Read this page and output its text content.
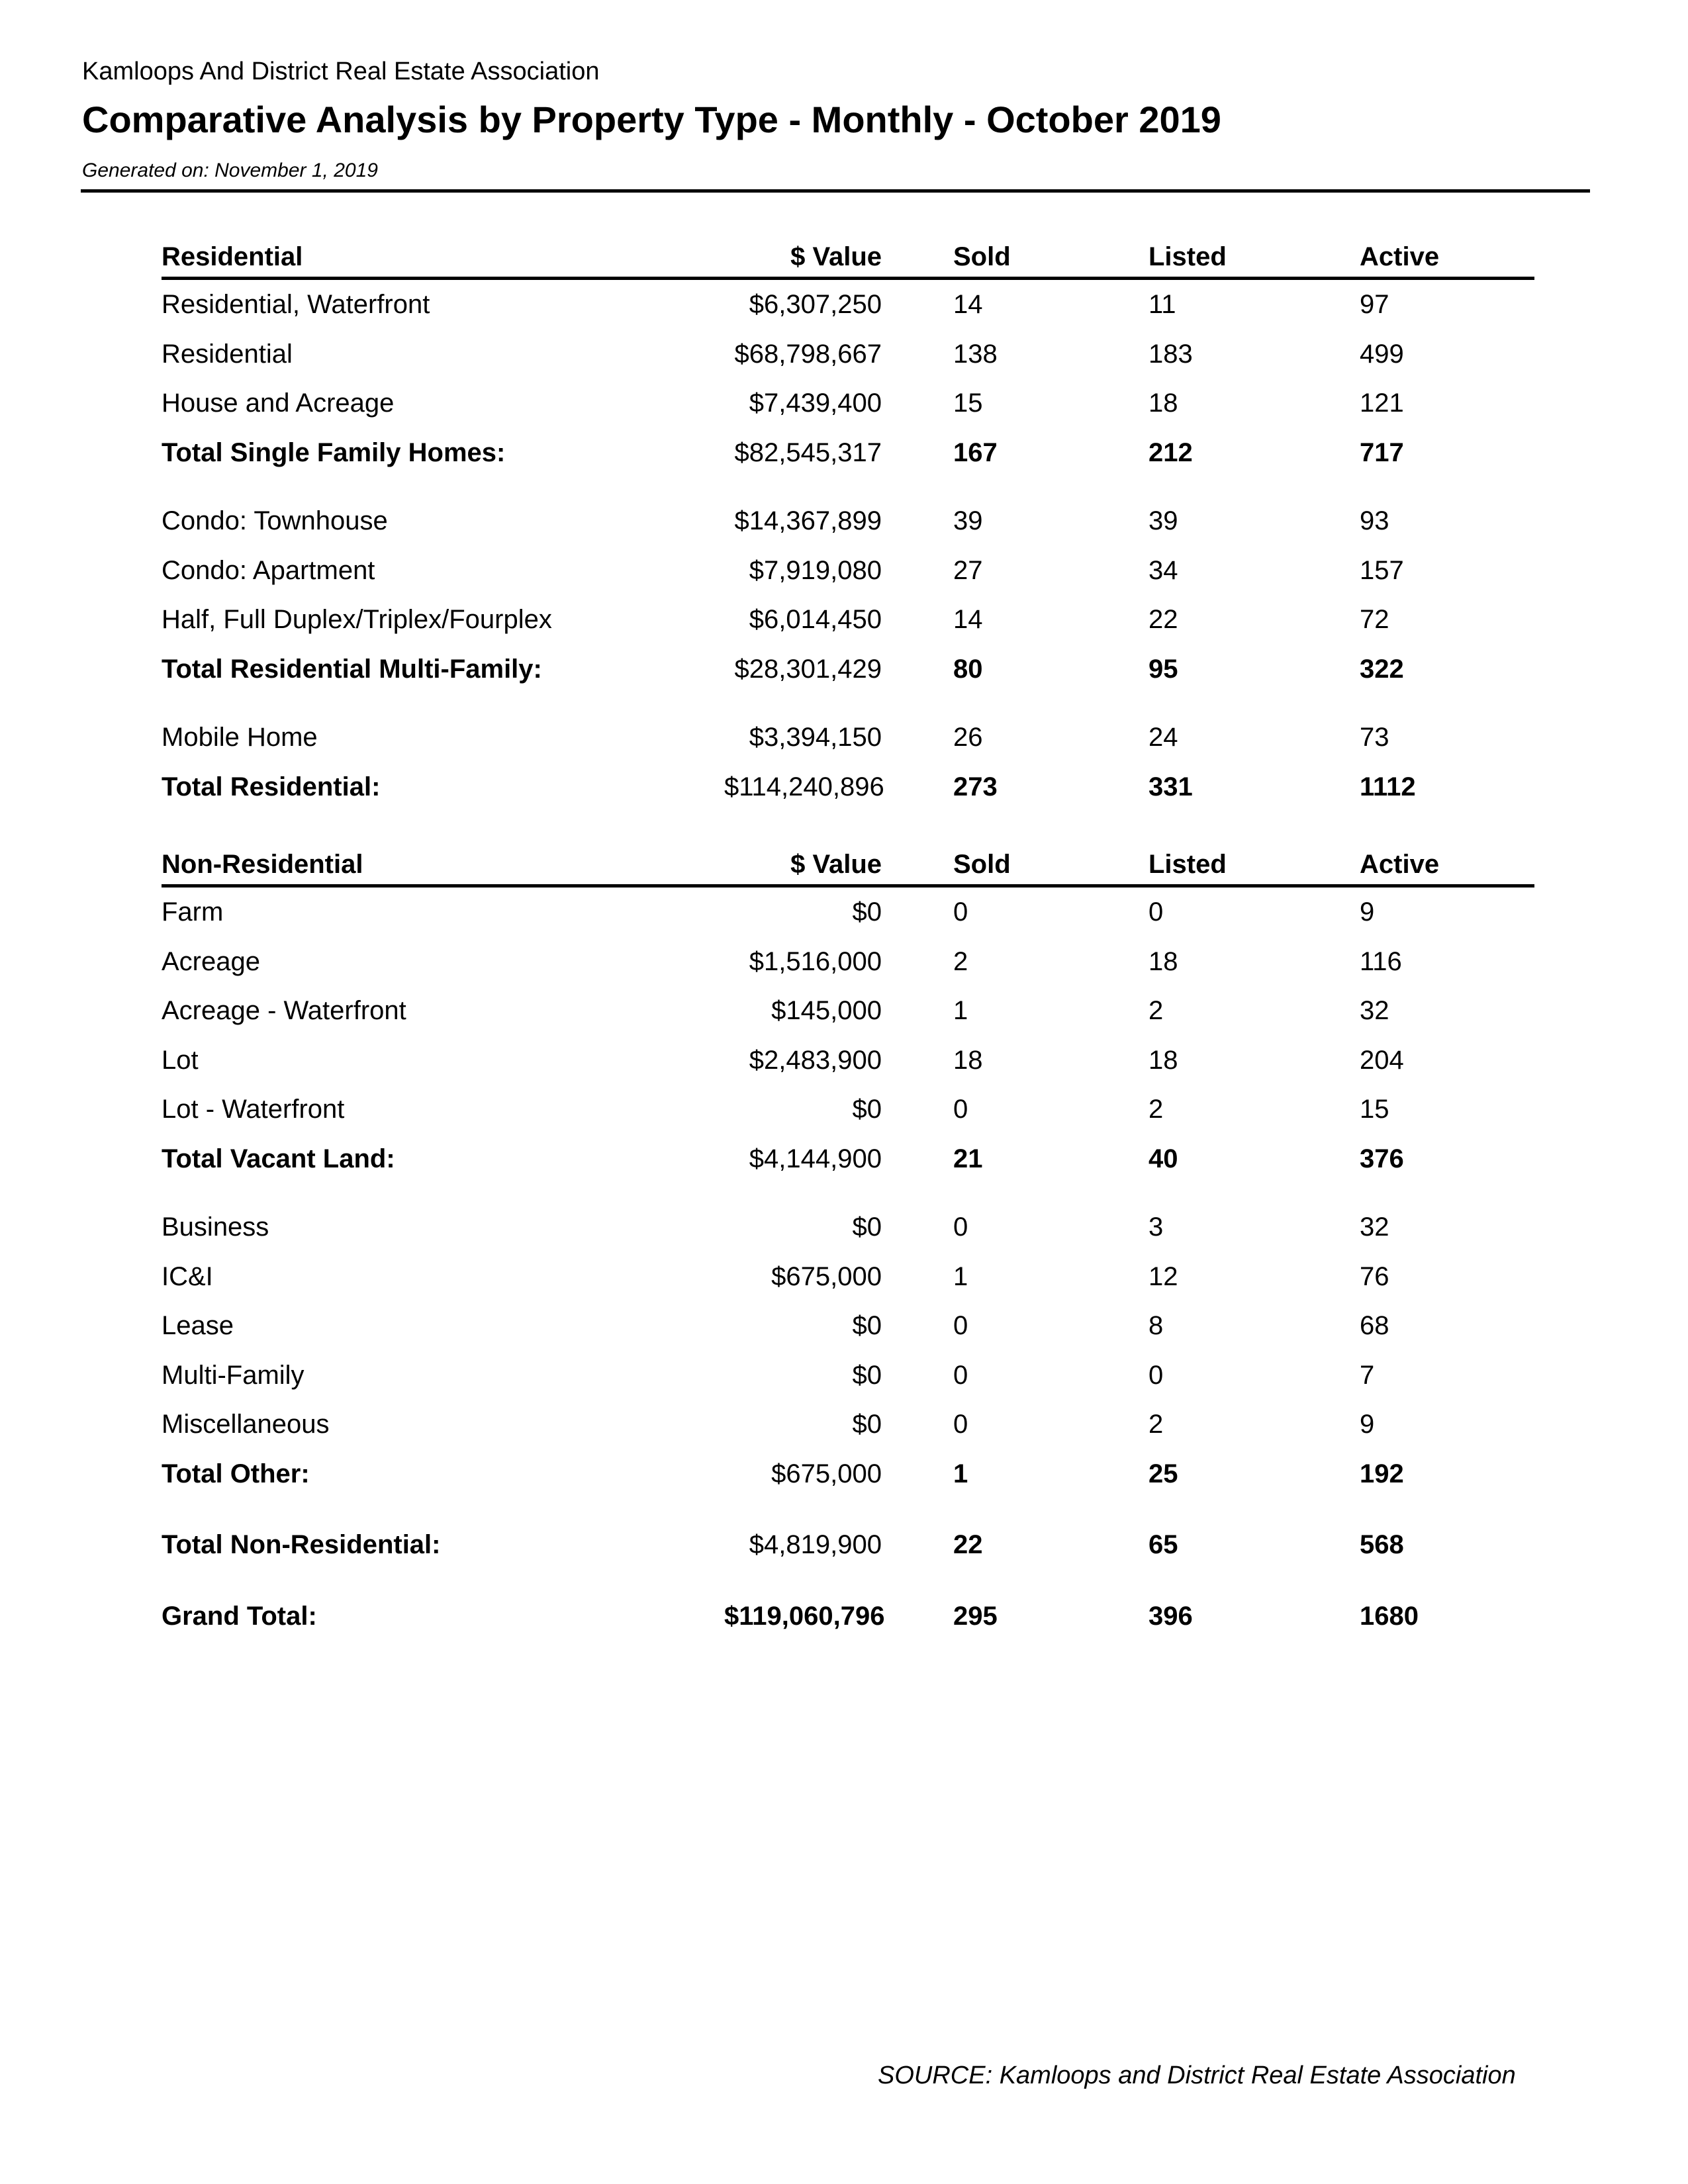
Kamloops And District Real Estate Association
Comparative Analysis by Property Type - Monthly - October 2019
Generated on: November 1, 2019
Residential	$ Value		Sold	Listed	Active
Residential, Waterfront	$6,307,250		14	11	97
Residential	$68,798,667		138	183	499
House and Acreage	$7,439,400		15	18	121
Total Single Family Homes:	$82,545,317		167	212	717

Condo: Townhouse	$14,367,899		39	39	93
Condo: Apartment	$7,919,080		27	34	157
Half, Full Duplex/Triplex/Fourplex	$6,014,450		14	22	72
Total Residential Multi-Family:	$28,301,429		80	95	322

Mobile Home	$3,394,150		26	24	73
Total Residential:	$114,240,896		273	331	1112
Non-Residential	$ Value		Sold	Listed	Active
Farm	$0		0	0	9
Acreage	$1,516,000		2	18	116
Acreage - Waterfront	$145,000		1	2	32
Lot	$2,483,900		18	18	204
Lot - Waterfront	$0		0	2	15
Total Vacant Land:	$4,144,900		21	40	376

Business	$0		0	3	32
IC&I	$675,000		1	12	76
Lease	$0		0	8	68
Multi-Family	$0		0	0	7
Miscellaneous	$0		0	2	9
Total Other:	$675,000		1	25	192

Total Non-Residential:	$4,819,900		22	65	568

Grand Total:	$119,060,796		295	396	1680
SOURCE: Kamloops and District Real Estate Association
